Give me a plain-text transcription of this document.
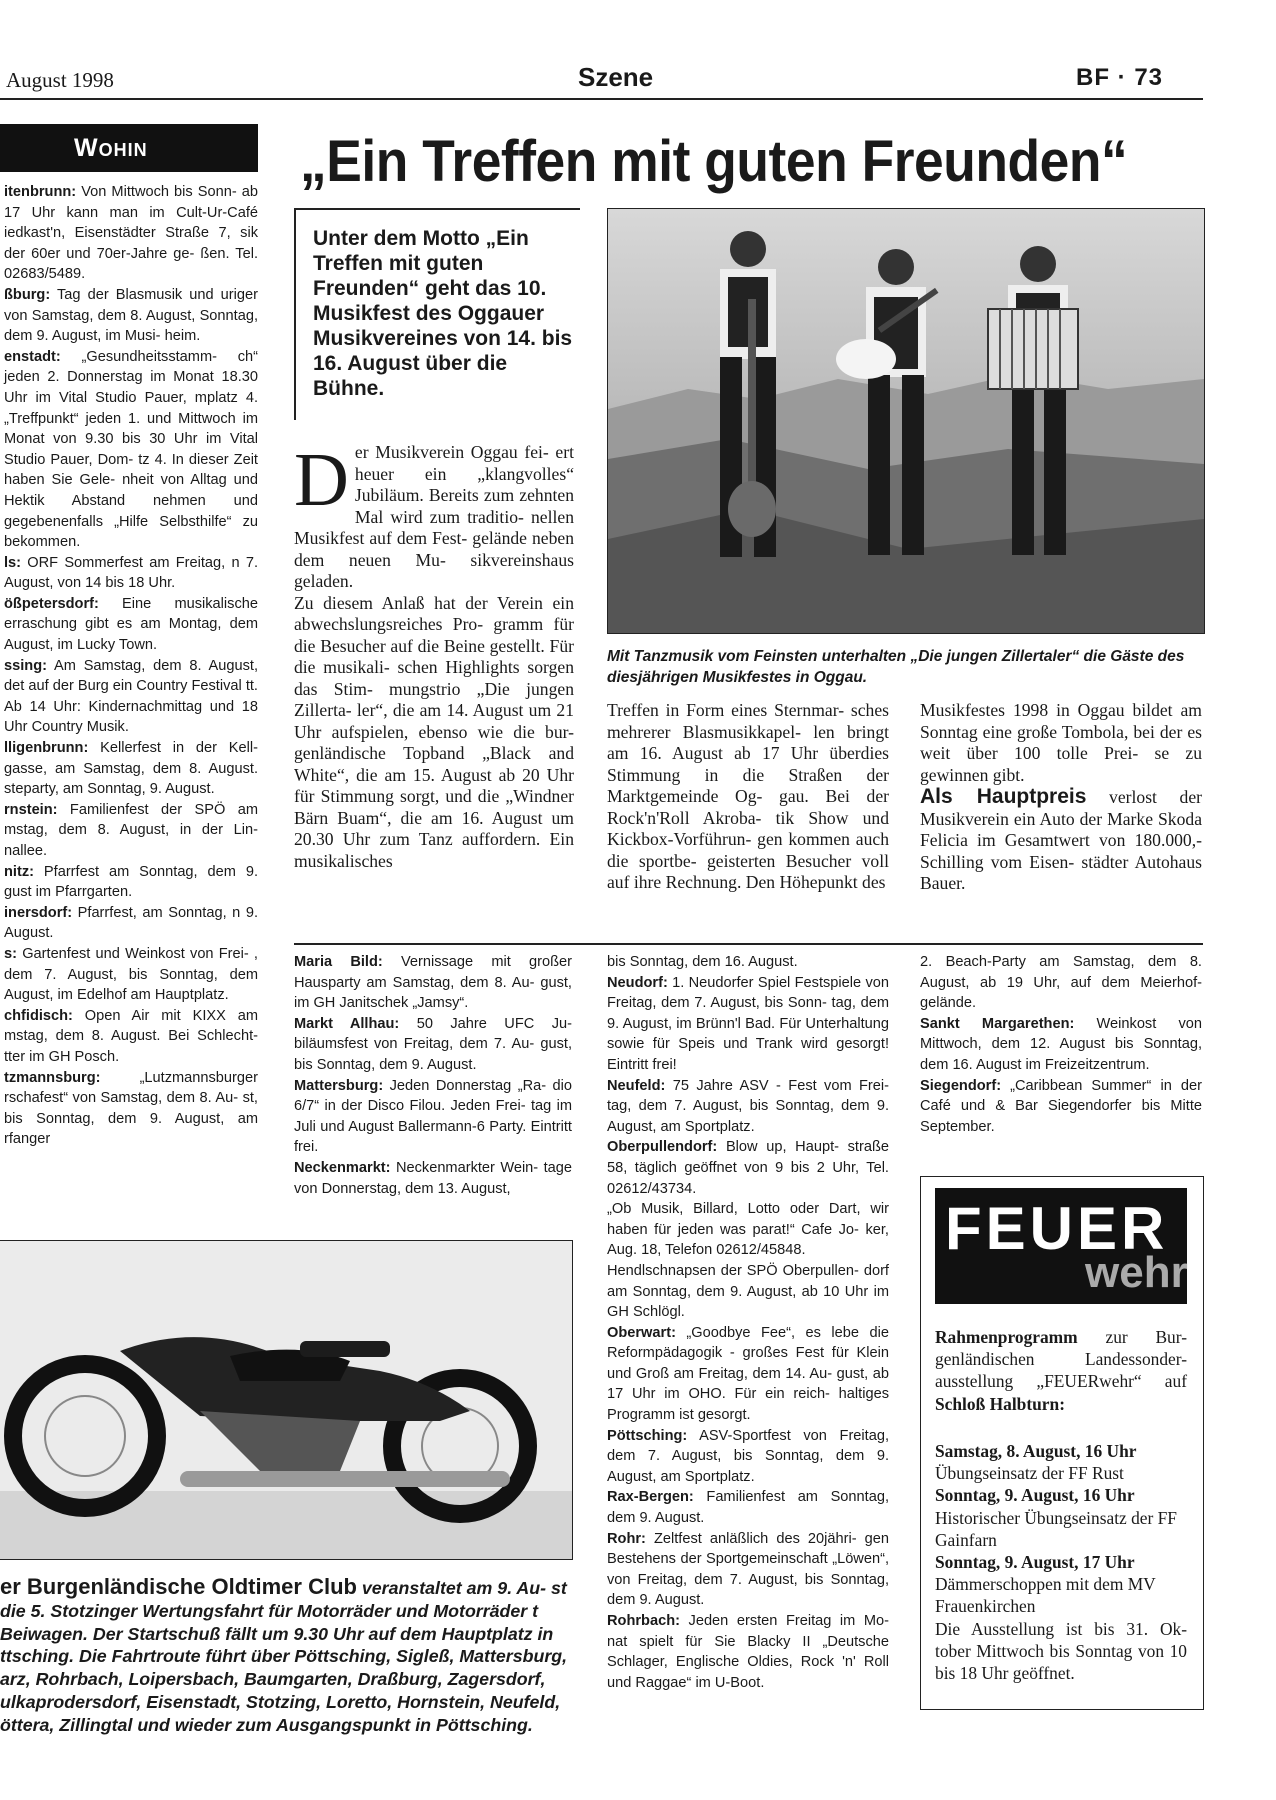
August 1998	Szene	BF · 73
Wohin

itenbrunn: Von Mittwoch bis Sonn- ab 17 Uhr kann man im Cult-Ur-Café iedkast'n, Eisenstädter Straße 7, sik der 60er und 70er-Jahre ge- ßen. Tel. 02683/5489.

ßburg: Tag der Blasmusik und uriger von Samstag, dem 8. August, Sonntag, dem 9. August, im Musi- heim.

enstadt: „Gesundheitsstamm- ch“ jeden 2. Donnerstag im Monat 18.30 Uhr im Vital Studio Pauer, mplatz 4. „Treffpunkt“ jeden 1. und Mittwoch im Monat von 9.30 bis 30 Uhr im Vital Studio Pauer, Dom- tz 4. In dieser Zeit haben Sie Gele- nheit von Alltag und Hektik Abstand nehmen und gegebenenfalls „Hilfe Selbsthilfe“ zu bekommen.

ls: ORF Sommerfest am Freitag, n 7. August, von 14 bis 18 Uhr.

ößpetersdorf: Eine musikalische erraschung gibt es am Montag, dem August, im Lucky Town.

ssing: Am Samstag, dem 8. August, det auf der Burg ein Country Festival tt. Ab 14 Uhr: Kindernachmittag und 18 Uhr Country Musik.

lligenbrunn: Kellerfest in der Kell- gasse, am Samstag, dem 8. August. steparty, am Sonntag, 9. August.

rnstein: Familienfest der SPÖ am mstag, dem 8. August, in der Lin- nallee.

nitz: Pfarrfest am Sonntag, dem 9. gust im Pfarrgarten.

inersdorf: Pfarrfest, am Sonntag, n 9. August.

s: Gartenfest und Weinkost von Frei- , dem 7. August, bis Sonntag, dem August, im Edelhof am Hauptplatz.

chfidisch: Open Air mit KIXX am mstag, dem 8. August. Bei Schlecht- tter im GH Posch.

tzmannsburg:	„Lutzmannsburger rschafest“ von Samstag, dem 8. Au- st, bis Sonntag, dem 9. August, am rfanger

„Ein Treffen mit guten Freunden“
Unter dem Motto „Ein Treffen mit guten Freunden“ geht das 10. Musikfest des Oggauer Musikvereines von 14. bis 16. August über die Bühne.
D er Musikverein Oggau fei- ert heuer ein „klangvolles“ Jubiläum. Bereits zum zehnten Mal wird zum traditio- nellen Musikfest auf dem Fest- gelände neben dem neuen Mu- sikvereinshaus geladen.
Zu diesem Anlaß hat der Verein ein abwechslungsreiches Pro- gramm für die Besucher auf die Beine gestellt. Für die musikali- schen Highlights sorgen das Stim- mungstrio „Die jungen Zillerta- ler“, die am 14. August um 21 Uhr aufspielen, ebenso wie die bur- genländische Topband „Black and White“, die am 15. August ab 20 Uhr für Stimmung sorgt, und die „Windner Bärn Buam“, die am 16. August um 20.30 Uhr zum Tanz auffordern. Ein musikalisches
Mit Tanzmusik vom Feinsten unterhalten „Die jungen Zillertaler“ die Gäste des diesjährigen Musikfestes in Oggau.
Treffen in Form eines Sternmar- sches mehrerer Blasmusikkapel- len bringt am 16. August ab 17 Uhr überdies Stimmung in die Straßen der Marktgemeinde Og- gau. Bei der Rock'n'Roll Akroba- tik Show und Kickbox-Vorführun- gen kommen auch die sportbe- geisterten Besucher voll auf ihre Rechnung. Den Höhepunkt des
Musikfestes 1998 in Oggau bildet am Sonntag eine große Tombola, bei der es weit über 100 tolle Prei- se zu gewinnen gibt.
Als Hauptpreis verlost der Musikverein ein Auto der Marke Skoda Felicia im Gesamtwert von 180.000,- Schilling vom Eisen- städter Autohaus Bauer.

Maria Bild: Vernissage mit großer Hausparty am Samstag, dem 8. Au- gust, im GH Janitschek „Jamsy“.

Markt Allhau: 50 Jahre UFC Ju- biläumsfest von Freitag, dem 7. Au- gust, bis Sonntag, dem 9. August.

Mattersburg: Jeden Donnerstag „Ra- dio 6/7“ in der Disco Filou. Jeden Frei- tag im Juli und August Ballermann-6 Party. Eintritt frei.

Neckenmarkt: Neckenmarkter Wein- tage von Donnerstag, dem 13. August,

bis Sonntag, dem 16. August.

Neudorf: 1. Neudorfer Spiel Festspiele von Freitag, dem 7. August, bis Sonn- tag, dem 9. August, im Brünn'l Bad. Für Unterhaltung sowie für Speis und Trank wird gesorgt! Eintritt frei!

Neufeld: 75 Jahre ASV - Fest vom Frei- tag, dem 7. August, bis Sonntag, dem 9. August, am Sportplatz.

Oberpullendorf: Blow up, Haupt- straße 58, täglich geöffnet von 9 bis 2 Uhr, Tel. 02612/43734.

„Ob Musik, Billard, Lotto oder Dart, wir haben für jeden was parat!“ Cafe Jo- ker, Aug. 18, Telefon 02612/45848.

Hendlschnapsen der SPÖ Oberpullen- dorf am Sonntag, dem 9. August, ab 10 Uhr im GH Schlögl.

Oberwart: „Goodbye Fee“, es lebe die Reformpädagogik - großes Fest für Klein und Groß am Freitag, dem 14. Au- gust, ab 17 Uhr im OHO. Für ein reich- haltiges Programm ist gesorgt.

Pöttsching: ASV-Sportfest von Freitag, dem 7. August, bis Sonntag, dem 9. August, am Sportplatz.

Rax-Bergen: Familienfest am Sonntag, dem 9. August.

Rohr: Zeltfest anläßlich des 20jähri- gen Bestehens der Sportgemeinschaft „Löwen“, von Freitag, dem 7. August, bis Sonntag, dem 9. August.

Rohrbach: Jeden ersten Freitag im Mo- nat spielt für Sie Blacky II „Deutsche Schlager, Englische Oldies, Rock 'n' Roll und Raggae“ im U-Boot.

2. Beach-Party am Samstag, dem 8. August, ab 19 Uhr, auf dem Meierhof- gelände.

Sankt Margarethen: Weinkost von Mittwoch, dem 12. August bis Sonntag, dem 16. August im Freizeitzentrum.

Siegendorf: „Caribbean Summer“ in der Café und & Bar Siegendorfer bis Mitte September.

er Burgenländische Oldtimer Club veranstaltet am 9. Au- st die 5. Stotzinger Wertungsfahrt für Motorräder und Motorräder t Beiwagen. Der Startschuß fällt um 9.30 Uhr auf dem Hauptplatz in ttsching. Die Fahrtroute führt über Pöttsching, Sigleß, Mattersburg, arz, Rohrbach, Loipersbach, Baumgarten, Draßburg, Zagersdorf, ulkaprodersdorf, Eisenstadt, Stotzing, Loretto, Hornstein, Neufeld, öttera, Zillingtal und wieder zum Ausgangspunkt in Pöttsching.
FEUER
wehr
Rahmenprogramm zur Bur- genländischen Landessonder- ausstellung „FEUERwehr“ auf Schloß Halbturn:
Samstag, 8. August, 16 Uhr
Übungseinsatz der FF Rust
Sonntag, 9. August, 16 Uhr
Historischer Übungseinsatz der FF Gainfarn
Sonntag, 9. August, 17 Uhr
Dämmerschoppen mit dem MV Frauenkirchen
Die Ausstellung ist bis 31. Ok- tober Mittwoch bis Sonntag von 10 bis 18 Uhr geöffnet.
